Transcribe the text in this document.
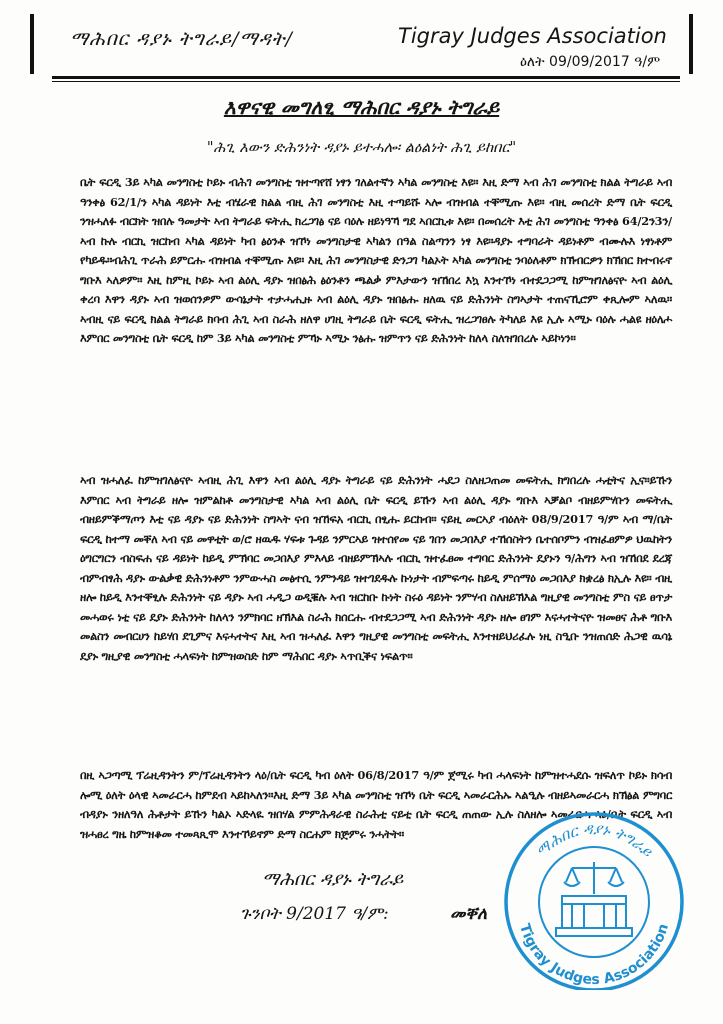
ማሕበር ዳያኑ ትግራይ/ማዳት/	Tigray Judges Association
ዕለት 09/09/2017 ዓ/ም
እዋናዊ መግለፂ ማሕበር ዳያኑ ትግራይ
"ሕጊ እውን ድሕንነት ዳያኑ ይተሓሎ፡ ልዕልነት ሕጊ ይከበር"
ቤት ፍርዲ 3ይ ኣካል መንግስቲ ኮይኑ ብሕገ መንግስቲ ዝተጣየሸ ነፃን ገለልተኛን ኣካል መንግስቲ እዩ። እዚ ድማ ኣብ ሕገ መንግስቲ ክልል ትግራይ ኣብ ዓንቀፅ 62/1/ን ኣካል ዳይነት እቲ ብሄራዊ ክልል ብዚ ሕገ መንግስቲ እዚ ተጣይሹ ኣሎ ብዝብል ተቐሚጡ እዩ። ብዚ መሰረት ድማ ቤት ፍርዲ ንዝሓለፉ ብርክት ዝበሉ ዓመታት ኣብ ትግራይ ፍትሒ ክረጋገፅ ናይ ባዕሉ ዘይነዓኻ ግደ ኣበርኪቱ እዩ። በመሰረት እቲ ሕገ መንግስቲ ዓንቀፅ 64/2ን3ን/ኣብ ኩሉ ብርኪ ዝርከብ ኣካል ዳይነት ካብ ፅዕንቶ ዝኾነ መንግስታዊ ኣካልን በዓል ስልጣንን ነፃ እዩ።ዳያኑ ተግባራት ዳይነቶም ብሙሉእ ነፃነቶም የካይዱ።ብሕጊ ጥራሕ ይምርሑ ብዝብል ተቐሚጡ እዩ። እዚ ሕገ መንግስታዊ ድንጋገ ካልኦት ኣካል መንግስቲ ንባዕለቶም ክኽብርዎን ክኽበር ክተብሩኖ ግቡእ ኣለዎም። እዚ ከምዚ ኮይኑ ኣብ ልዕሊ ዳያኑ ዝበፅሕ ፅዕንቶን ጫልቃ ምእታውን ዝኸበረ እኳ እንተኾነ ብተደጋጋሚ ከምዝገለፅናዮ ኣብ ልዕሊ ቀረባ እዋን ዳያኑ ኣብ ዝወሰንዎም ውሳኔታት ተታሓሒዙ ኣብ ልዕሊ ዳያኑ ዝበፅሑ ዘለዉ ናይ ድሕንነት ስግኣታት ተጠናኺሮም ቀጺሎም ኣለዉ። ኣብዚ ናይ ፍርዲ ክልል ትግራይ ክባብ ሕጊ ኣብ ስራሕ ዘለዋ ሀገዚ ትግራይ ቤት ፍርዲ ፍትሒ ዝረጋገፀሉ ትካለይ እዩ ኢሉ ኣሚኑ ባዕሉ ሓልዩ ዘዕለሖ እምበር መንግስቲ ቤት ፍርዲ ከም 3ይ ኣካል መንግስቲ ምኻኑ ኣሚኑ ንፅሑ ዝምጥን ናይ ድሕንነት ከለላ ስለዝገበረሉ ኣይኮነን።
ኣብ ዝሓለፈ ከምዝገለፅናዮ ኣብዚ ሕጊ እዋን ኣብ ልዕሊ ዳያኑ ትግራይ ናይ ድሕንነት ሓደጋ ስለዘጋጠመ መፍትሒ ክግበረሉ ሓቲትና ኢና።ይኹን እምበር ኣብ ትግራይ ዘሎ ዝምልከቶ መንግስታዊ ኣካል ኣብ ልዕሊ ቤት ፍርዲ ይኹን ኣብ ልዕሊ ዳያኑ ግቡእ ኣቓልቦ ብዘይምሃቡን መፍትሒ ብዘይምቕማጦን እቲ ናይ ዳያኑ ናይ ድሕንነት ስግኣት ናብ ዝኸፍአ ብርኪ በፂሑ ይርከብ። ናይዚ መርኣያ ብዕለት 08/9/2017 ዓ/ም ኣብ ማ/ቤት ፍርዲ ከተማ መቐለ ኣብ ናይ መዋቲት ወ/ሮ ዘዉዱ ሃፍቱ ጉዳይ ንምርኣይ ዝተሰየመ ናይ ገበን መጋበእያ ተኸሰስትን ቤተሰቦምን ብዝፈፀምዎ ህዉከትን ዕግርግርን ብስፍሐ ናይ ዳይነት ከይዲ ምኽባር መጋበእያ ምእላይ ብዘይምኽኣሉ ብርኪ ዝተፈፀመ ተግባር ድሕንነት ደያኑን ዓ/ሕግን ኣብ ዝኸበደ ደረጃ ብምብፃሕ ዳያኑ ውልቃዊ ድሕንነቶም ንምውሓስ መፅተሲ ንምንዳይ ዝተገደዱሉ ኩነታት ብምፍጣሩ ከይዲ ምሰማዕ መጋበእያ ክቋረፅ ክኢሉ እዩ። ብዚ ዘሎ ከይዲ እንተቐፂሉ ድሕንነት ናይ ዳያኑ ኣብ ሓዲጋ ወዲቑሉ ኣብ ዝርከቡ ኩነት ስሩዕ ዳይነት ንምሃብ ስለዘይኽእል ግዚያዊ መንግስቲ ምስ ናይ ፀጥታ መሓወሩ ነቲ ናይ ደያኑ ድሕንነት ከለላን ንምክባር ዘኽእል ስራሕ ክሰርሑ ብተደጋጋሚ ኣብ ድሕንነት ዳያኑ ዘሎ ፀገም እናሓተትናዮ ዝመፀና ሕቶ ግቡእ መልስን መብርሀን ከይሃበ ደጊምና እናሓተትና እዚ ኣብ ዝሓለፈ እዋን ግዚያዊ መንግስቲ መፍትሒ እንተዘይህሪፈሉ ነዚ ስዒቡ ንዝጠሰድ ሕጋዊ ዉሳኔ ደያኑ ግዚያዊ መንግስቲ ሓላፍነት ከምዝወስድ ከም ማሕበር ዳያኑ ኣጥቢቕና ነፍልጥ።
በዚ ኣጋጣሚ ፕሬዚዳንትን ም/ፕሬዚዳንትን ላዕ/ቤት ፍርዲ ካብ ዕለት 06/8/2017 ዓ/ም ጀሚሩ ካብ ሓላፍነት ከምዝተሓደሱ ዝፍለጥ ኮይኑ ክሳብ ሎሚ ዕለት ዕላዊ ኣመራርሓ ከምደብ ኣይከኣለን።እዚ ድማ 3ይ ኣካል መንግስቲ ዝኾነ ቤት ፍርዲ ኣመራርሕኡ ኣልዒሉ ብዘይኣመራርሓ ክኽፅል ምግባር ብዳያኑ ንዘለዓለ ሕቶታት ይኹን ካልኦ ኣድላዪ ዝበሃል ምምሕዳራዊ ስራሕቲ ናይቲ ቤት ፍርዲ ጠጠው ኢሉ ስለዘሎ ኣመራርሓ ላዕ/ቤት ፍርዲ ኣብ ዝሓፀረ ግዜ ከምዝቆመ ተመጻጺሞ እንተኾይኖም ድማ ስርሐም ክጅምሩ ንሓትት።
ማሕበር ዳያኑ ትግራይ
ጉንቦት 9/2017 ዓ/ም:	መቐለ
ማሕበር ዳያኑ ትግራይ
Tigray Judges Association
